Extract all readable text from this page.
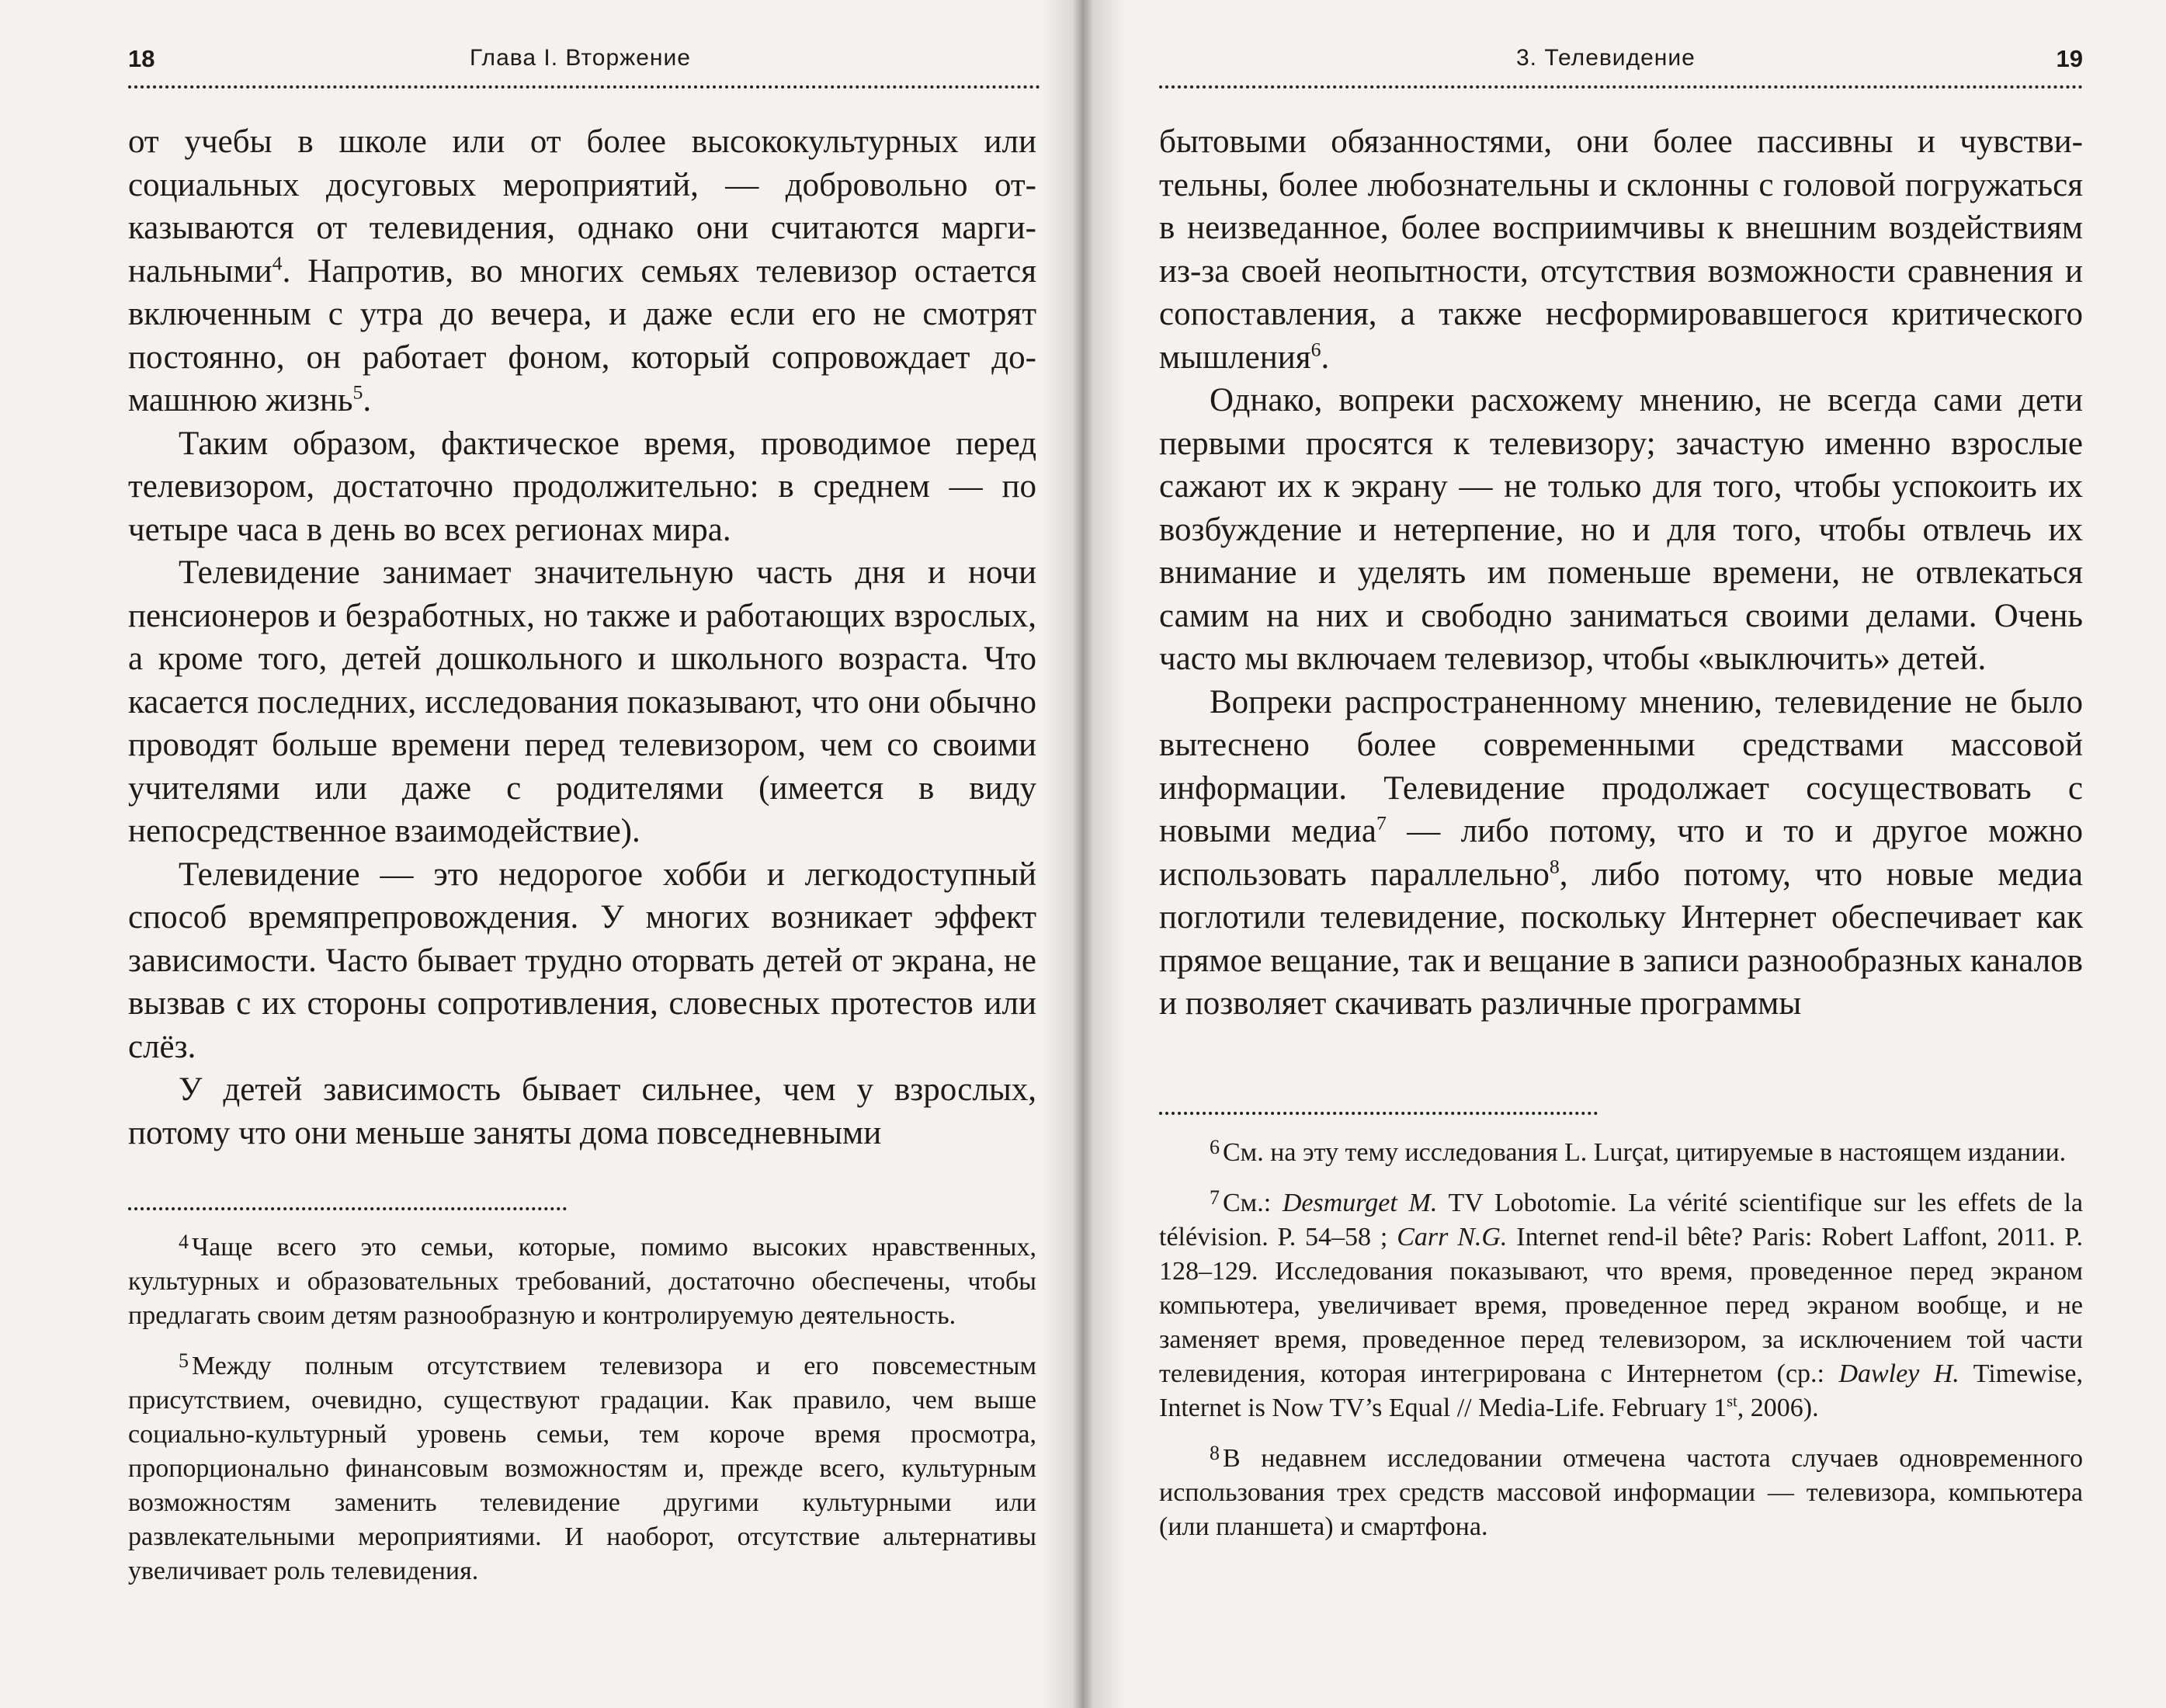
18	Глава I. Вторжение

от учебы в школе или от более высококультурных или социальных досуговых мероприятий, — добровольно отказываются от телевидения, однако они считаются маргинальными$^4$. Напротив, во многих семьях телевизор остается включенным с утра до вечера, и даже если его не смотрят постоянно, он работает фоном, который сопровождает домашнюю жизнь$^5$.

Таким образом, фактическое время, проводимое перед телевизором, достаточно продолжительно: в среднем — по четыре часа в день во всех регионах мира.

Телевидение занимает значительную часть дня и ночи пенсионеров и безработных, но также и работающих взрослых, а кроме того, детей дошкольного и школьного возраста. Что касается последних, исследования показывают, что они обычно проводят больше времени перед телевизором, чем со своими учителями или даже с родителями (имеется в виду непосредственное взаимодействие).

Телевидение — это недорогое хобби и легкодоступный способ времяпрепровождения. У многих возникает эффект зависимости. Часто бывает трудно оторвать детей от экрана, не вызвав с их стороны сопротивления, словесных протестов или слёз.

У детей зависимость бывает сильнее, чем у взрослых, потому что они меньше заняты дома повседневными

$^4$ Чаще всего это семьи, которые, помимо высоких нравственных, культурных и образовательных требований, достаточно обеспечены, чтобы предлагать своим детям разнообразную и контролируемую деятельность.

$^5$ Между полным отсутствием телевизора и его повсеместным присутствием, очевидно, существуют градации. Как правило, чем выше социально-культурный уровень семьи, тем короче время просмотра, пропорционально финансовым возможностям и, прежде всего, культурным возможностям заменить телевидение другими культурными или развлекательными мероприятиями. И наоборот, отсутствие альтернативы увеличивает роль телевидения.

3. Телевидение	19

бытовыми обязанностями, они более пассивны и чувствительны, более любознательны и склонны с головой погружаться в неизведанное, более восприимчивы к внешним воздействиям из-за своей неопытности, отсутствия возможности сравнения и сопоставления, а также несформировавшегося критического мышления$^6$.

Однако, вопреки расхожему мнению, не всегда сами дети первыми просятся к телевизору; зачастую именно взрослые сажают их к экрану — не только для того, чтобы успокоить их возбуждение и нетерпение, но и для того, чтобы отвлечь их внимание и уделять им поменьше времени, не отвлекаться самим на них и свободно заниматься своими делами. Очень часто мы включаем телевизор, чтобы «выключить» детей.

Вопреки распространенному мнению, телевидение не было вытеснено более современными средствами массовой информации. Телевидение продолжает сосуществовать с новыми медиа$^7$ — либо потому, что и то и другое можно использовать параллельно$^8$, либо потому, что новые медиа поглотили телевидение, поскольку Интернет обеспечивает как прямое вещание, так и вещание в записи разнообразных каналов и позволяет скачивать различные программы

$^6$ См. на эту тему исследования L. Lurçat, цитируемые в настоящем издании.

$^7$ См.: Desmurget M. TV Lobotomie. La vérité scientifique sur les effets de la télévision. P. 54–58 ; Carr N.G. Internet rend-il bête? Paris: Robert Laffont, 2011. P. 128–129. Исследования показывают, что время, проведенное перед экраном компьютера, увеличивает время, проведенное перед экраном вообще, и не заменяет время, проведенное перед телевизором, за исключением той части телевидения, которая интегрирована с Интернетом (ср.: Dawley H. Timewise, Internet is Now TV’s Equal // Media-Life. February 1st, 2006).

$^8$ В недавнем исследовании отмечена частота случаев одновременного использования трех средств массовой информации — телевизора, компьютера (или планшета) и смартфона.
